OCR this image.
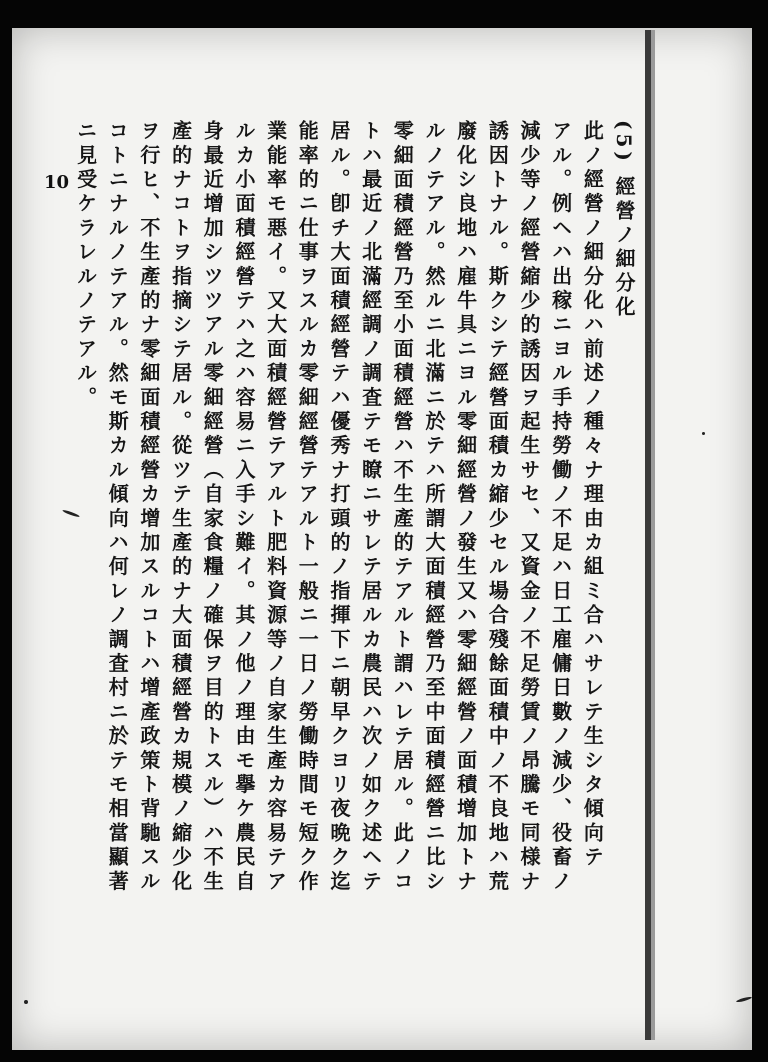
10	(5) 經營ノ細分化
此ノ經營ノ細分化ハ前述ノ種々ナ理由カ組ミ合ハサレテ生シタ傾向テ
アル。例ヘハ出稼ニヨル手持勞働ノ不足ハ日工雇傭日數ノ減少、役畜ノ
減少等ノ經營縮少的誘因ヲ起生サセ、又資金ノ不足勞賃ノ昂騰モ同様ナ
誘因トナル。斯クシテ經營面積カ縮少セル場合殘餘面積中ノ不良地ハ荒
廢化シ良地ハ雇牛具ニヨル零細經營ノ發生又ハ零細經營ノ面積增加トナ
ルノテアル。然ルニ北滿ニ於テハ所謂大面積經營乃至中面積經營ニ比シ
零細面積經營乃至小面積經營ハ不生產的テアルト謂ハレテ居ル。此ノコ
トハ最近ノ北滿經調ノ調査テモ瞭ニサレテ居ルカ農民ハ次ノ如ク述ヘテ
居ル。卽チ大面積經營テハ優秀ナ打頭的ノ指揮下ニ朝早クヨリ夜晩ク迄
能率的ニ仕事ヲスルカ零細經營テアルト一般ニ一日ノ勞働時間モ短ク作
業能率モ悪イ。又大面積經營テアルト肥料資源等ノ自家生產カ容易テア
ルカ小面積經營テハ之ハ容易ニ入手シ難イ。其ノ他ノ理由モ擧ケ農民自
身最近增加シツツアル零細經營（自家食糧ノ確保ヲ目的トスル）ハ不生
產的ナコトヲ指摘シテ居ル。從ツテ生產的ナ大面積經營カ規模ノ縮少化
ヲ行ヒ、不生產的ナ零細面積經營カ增加スルコトハ增產政策ト背馳スル
コトニナルノテアル。然モ斯カル傾向ハ何レノ調査村ニ於テモ相當顯著
ニ見受ケラレルノテアル。
